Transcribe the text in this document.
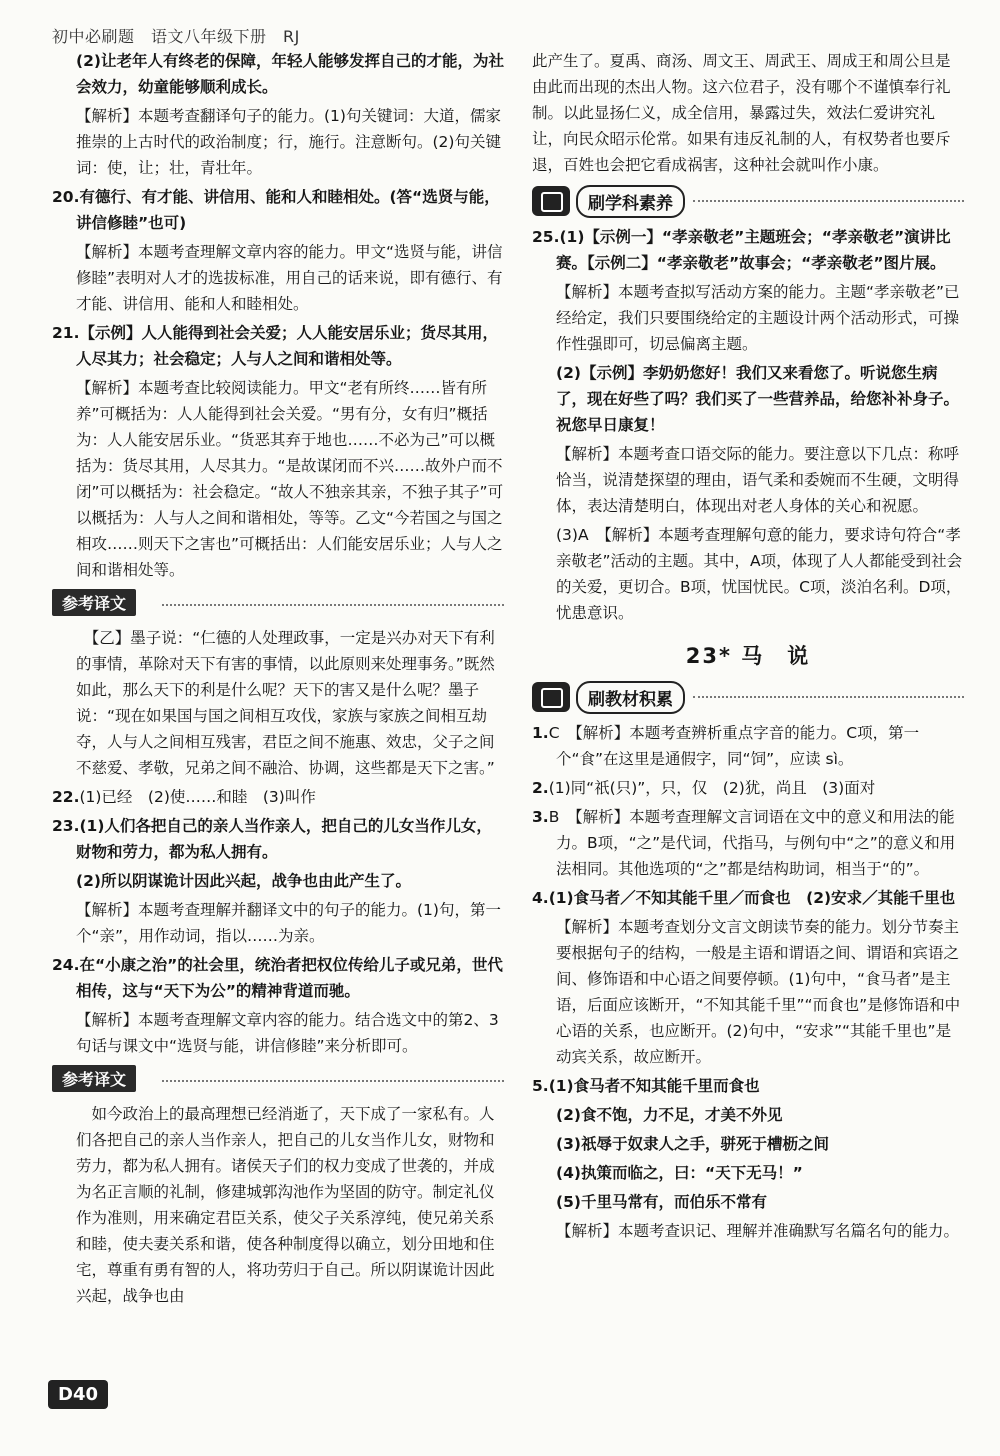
初中必刷题　语文八年级下册　RJ
(2)让老年人有终老的保障，年轻人能够发挥自己的才能，为社会效力，幼童能够顺利成长。
【解析】本题考查翻译句子的能力。(1)句关键词：大道，儒家推崇的上古时代的政治制度；行，施行。注意断句。(2)句关键词：使，让；壮，青壮年。
20.有德行、有才能、讲信用、能和人和睦相处。(答“选贤与能，讲信修睦”也可)
【解析】本题考查理解文章内容的能力。甲文“选贤与能，讲信修睦”表明对人才的选拔标准，用自己的话来说，即有德行、有才能、讲信用、能和人和睦相处。
21.【示例】人人能得到社会关爱；人人能安居乐业；货尽其用，人尽其力；社会稳定；人与人之间和谐相处等。
【解析】本题考查比较阅读能力。甲文“老有所终……皆有所养”可概括为：人人能得到社会关爱。“男有分，女有归”概括为：人人能安居乐业。“货恶其弃于地也……不必为己”可以概括为：货尽其用，人尽其力。“是故谋闭而不兴……故外户而不闭”可以概括为：社会稳定。“故人不独亲其亲，不独子其子”可以概括为：人与人之间和谐相处，等等。乙文“今若国之与国之相攻……则天下之害也”可概括出：人们能安居乐业；人与人之间和谐相处等。
参考译文
　【乙】墨子说：“仁德的人处理政事，一定是兴办对天下有利的事情，革除对天下有害的事情，以此原则来处理事务。”既然如此，那么天下的利是什么呢？天下的害又是什么呢？墨子说：“现在如果国与国之间相互攻伐，家族与家族之间相互劫夺，人与人之间相互残害，君臣之间不施惠、效忠，父子之间不慈爱、孝敬，兄弟之间不融洽、协调，这些都是天下之害。”
22.(1)已经　(2)使……和睦　(3)叫作
23.(1)人们各把自己的亲人当作亲人，把自己的儿女当作儿女，财物和劳力，都为私人拥有。
(2)所以阴谋诡计因此兴起，战争也由此产生了。
【解析】本题考查理解并翻译文中的句子的能力。(1)句，第一个“亲”，用作动词，指以……为亲。
24.在“小康之治”的社会里，统治者把权位传给儿子或兄弟，世代相传，这与“天下为公”的精神背道而驰。
【解析】本题考查理解文章内容的能力。结合选文中的第2、3句话与课文中“选贤与能，讲信修睦”来分析即可。
参考译文
　如今政治上的最高理想已经消逝了，天下成了一家私有。人们各把自己的亲人当作亲人，把自己的儿女当作儿女，财物和劳力，都为私人拥有。诸侯天子们的权力变成了世袭的，并成为名正言顺的礼制，修建城郭沟池作为坚固的防守。制定礼仪作为准则，用来确定君臣关系，使父子关系淳纯，使兄弟关系和睦，使夫妻关系和谐，使各种制度得以确立，划分田地和住宅，尊重有勇有智的人，将功劳归于自己。所以阴谋诡计因此兴起，战争也由
此产生了。夏禹、商汤、周文王、周武王、周成王和周公旦是由此而出现的杰出人物。这六位君子，没有哪个不谨慎奉行礼制。以此显扬仁义，成全信用，暴露过失，效法仁爱讲究礼让，向民众昭示伦常。如果有违反礼制的人，有权势者也要斥退，百姓也会把它看成祸害，这种社会就叫作小康。
刷学科素养
25.(1)【示例一】“孝亲敬老”主题班会；“孝亲敬老”演讲比赛。【示例二】“孝亲敬老”故事会；“孝亲敬老”图片展。
【解析】本题考查拟写活动方案的能力。主题“孝亲敬老”已经给定，我们只要围绕给定的主题设计两个活动形式，可操作性强即可，切忌偏离主题。
(2)【示例】李奶奶您好！我们又来看您了。听说您生病了，现在好些了吗？我们买了一些营养品，给您补补身子。祝您早日康复！
【解析】本题考查口语交际的能力。要注意以下几点：称呼恰当，说清楚探望的理由，语气柔和委婉而不生硬，文明得体，表达清楚明白，体现出对老人身体的关心和祝愿。
(3)A　【解析】本题考查理解句意的能力，要求诗句符合“孝亲敬老”活动的主题。其中，A项，体现了人人都能受到社会的关爱，更切合。B项，忧国忧民。C项，淡泊名利。D项，忧患意识。
23* 马　说
刷教材积累
1.C　【解析】本题考查辨析重点字音的能力。C项，第一个“食”在这里是通假字，同“饲”，应读 sì。
2.(1)同“祇(只)”，只，仅　(2)犹，尚且　(3)面对
3.B　【解析】本题考查理解文言词语在文中的意义和用法的能力。B项，“之”是代词，代指马，与例句中“之”的意义和用法相同。其他选项的“之”都是结构助词，相当于“的”。
4.(1)食马者／不知其能千里／而食也　(2)安求／其能千里也
【解析】本题考查划分文言文朗读节奏的能力。划分节奏主要根据句子的结构，一般是主语和谓语之间、谓语和宾语之间、修饰语和中心语之间要停顿。(1)句中，“食马者”是主语，后面应该断开，“不知其能千里”“而食也”是修饰语和中心语的关系，也应断开。(2)句中，“安求”“其能千里也”是动宾关系，故应断开。
5.(1)食马者不知其能千里而食也
(2)食不饱，力不足，才美不外见
(3)祇辱于奴隶人之手，骈死于槽枥之间
(4)执策而临之，曰：“天下无马！”
(5)千里马常有，而伯乐不常有
【解析】本题考查识记、理解并准确默写名篇名句的能力。
D40
